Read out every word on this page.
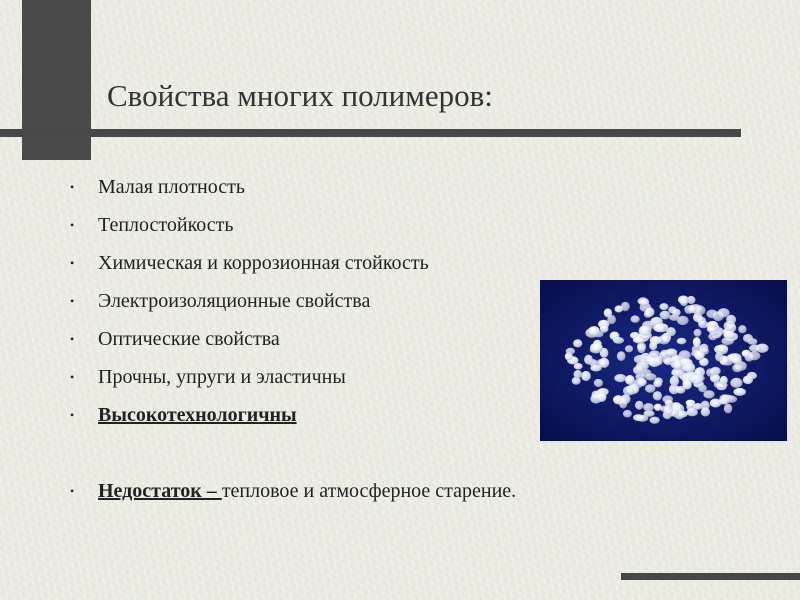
Свойства многих полимеров:
• Малая плотность
• Теплостойкость
• Химическая и коррозионная стойкость
• Электроизоляционные свойства
• Оптические свойства
• Прочны, упруги и эластичны
• Высокотехнологичны
• Недостаток – тепловое и атмосферное старение.
